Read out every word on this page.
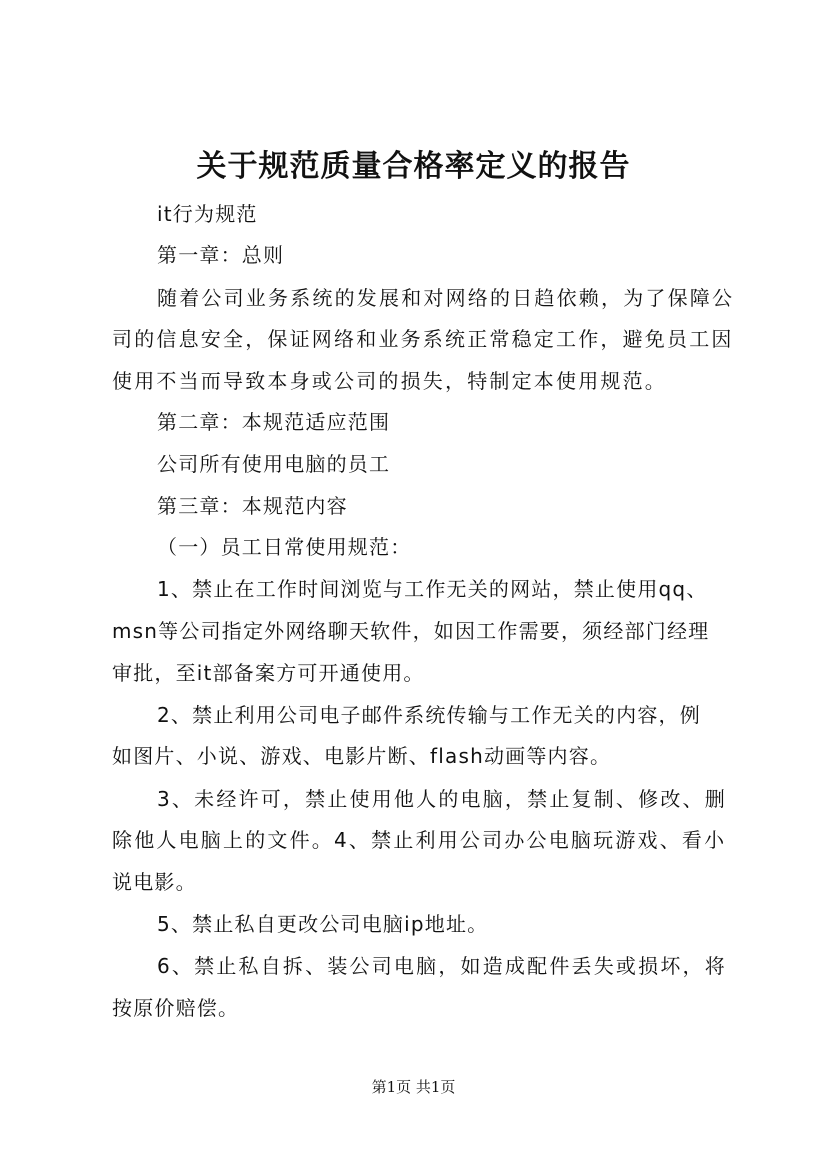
关于规范质量合格率定义的报告
it行为规范
第一章：总则
随着公司业务系统的发展和对网络的日趋依赖，为了保障公
司的信息安全，保证网络和业务系统正常稳定工作，避免员工因
使用不当而导致本身或公司的损失，特制定本使用规范。
第二章：本规范适应范围
公司所有使用电脑的员工
第三章：本规范内容
（一）员工日常使用规范：
1、禁止在工作时间浏览与工作无关的网站，禁止使用qq、
msn等公司指定外网络聊天软件，如因工作需要，须经部门经理
审批，至it部备案方可开通使用。
2、禁止利用公司电子邮件系统传输与工作无关的内容，例
如图片、小说、游戏、电影片断、flash动画等内容。
3、未经许可，禁止使用他人的电脑，禁止复制、修改、删
除他人电脑上的文件。4、禁止利用公司办公电脑玩游戏、看小
说电影。
5、禁止私自更改公司电脑ip地址。
6、禁止私自拆、装公司电脑，如造成配件丢失或损坏，将
按原价赔偿。
第1页 共1页
